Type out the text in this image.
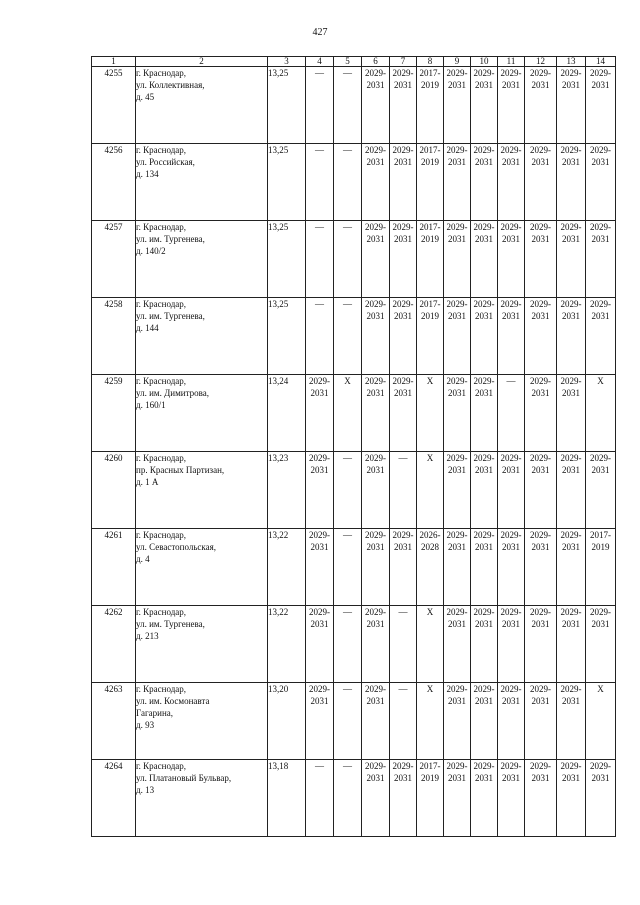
427
1	2	3	4	5	6	7	8	9	10	11	12	13	14
4255	г. Краснодар,
ул. Коллективная,
д. 45	13,25	—	—	2029-
2031	2029-
2031	2017-
2019	2029-
2031	2029-
2031	2029-
2031	2029-
2031	2029-
2031	2029-
2031

4256	г. Краснодар,
ул. Российская,
д. 134	13,25	—	—	2029-
2031	2029-
2031	2017-
2019	2029-
2031	2029-
2031	2029-
2031	2029-
2031	2029-
2031	2029-
2031

4257	г. Краснодар,
ул. им. Тургенева,
д. 140/2	13,25	—	—	2029-
2031	2029-
2031	2017-
2019	2029-
2031	2029-
2031	2029-
2031	2029-
2031	2029-
2031	2029-
2031

4258	г. Краснодар,
ул. им. Тургенева,
д. 144	13,25	—	—	2029-
2031	2029-
2031	2017-
2019	2029-
2031	2029-
2031	2029-
2031	2029-
2031	2029-
2031	2029-
2031

4259	г. Краснодар,
ул. им. Димитрова,
д. 160/1	13,24	2029-
2031	X	2029-
2031	2029-
2031	X	2029-
2031	2029-
2031	—	2029-
2031	2029-
2031	X
4260	г. Краснодар,
пр. Красных Партизан,
д. 1 А	13,23	2029-
2031	—	2029-
2031	—	X	2029-
2031	2029-
2031	2029-
2031	2029-
2031	2029-
2031	2029-
2031

4261	г. Краснодар,
ул. Севастопольская,
д. 4	13,22	2029-
2031	—	2029-
2031	2029-
2031	2026-
2028	2029-
2031	2029-
2031	2029-
2031	2029-
2031	2029-
2031	2017-
2019

4262	г. Краснодар,
ул. им. Тургенева,
д. 213	13,22	2029-
2031	—	2029-
2031	—	X	2029-
2031	2029-
2031	2029-
2031	2029-
2031	2029-
2031	2029-
2031

4263	г. Краснодар,
ул. им. Космонавта
Гагарина,
д. 93	13,20	2029-
2031	—	2029-
2031	—	X	2029-
2031	2029-
2031	2029-
2031	2029-
2031	2029-
2031	X
4264	г. Краснодар,
ул. Платановый Бульвар,
д. 13	13,18	—	—	2029-
2031	2029-
2031	2017-
2019	2029-
2031	2029-
2031	2029-
2031	2029-
2031	2029-
2031	2029-
2031
